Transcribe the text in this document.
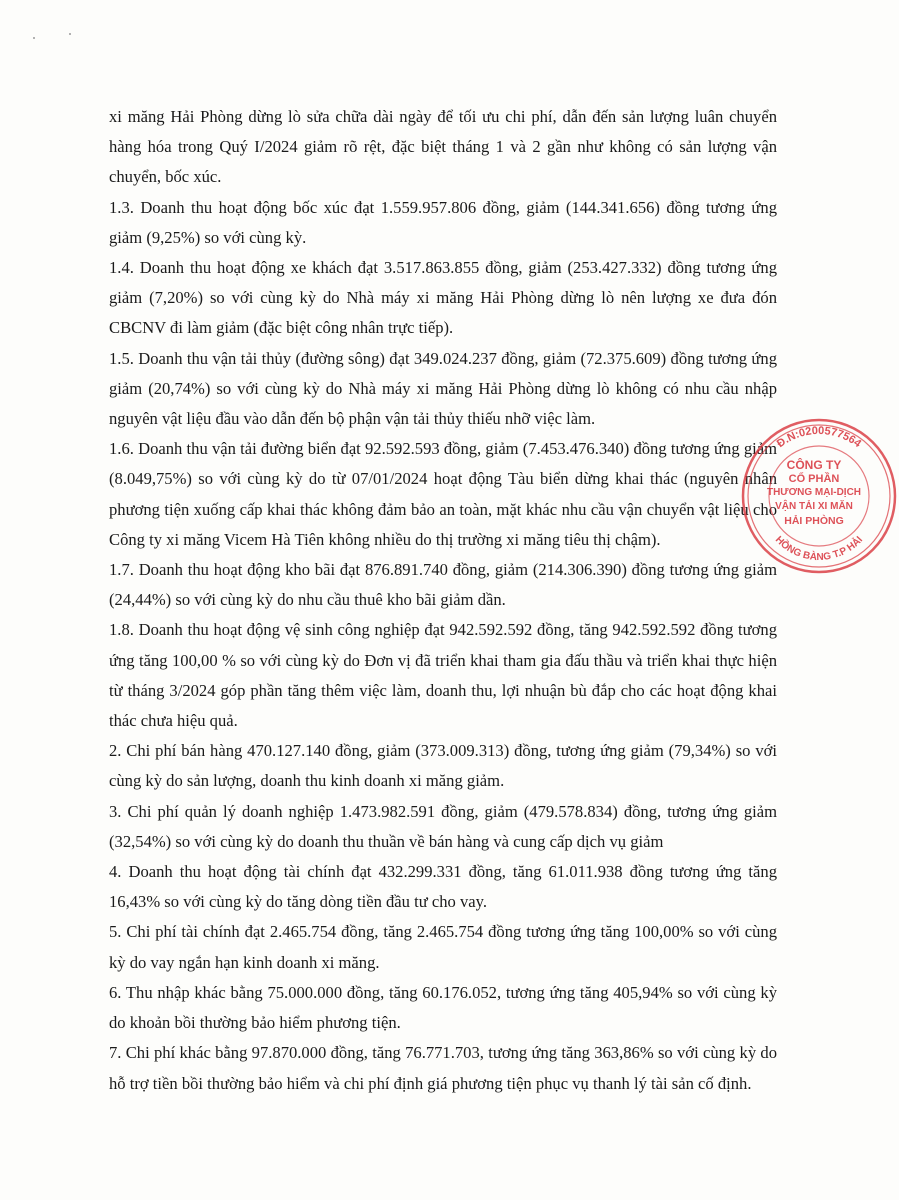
xi măng Hải Phòng dừng lò sửa chữa dài ngày để tối ưu chi phí, dẫn đến sản lượng luân chuyển hàng hóa trong Quý I/2024 giảm rõ rệt, đặc biệt tháng 1 và 2 gần như không có sản lượng vận chuyển, bốc xúc.

1.3. Doanh thu hoạt động bốc xúc đạt 1.559.957.806 đồng, giảm (144.341.656) đồng tương ứng giảm (9,25%) so với cùng kỳ.

1.4. Doanh thu hoạt động xe khách đạt 3.517.863.855 đồng, giảm (253.427.332) đồng tương ứng giảm (7,20%) so với cùng kỳ do Nhà máy xi măng Hải Phòng dừng lò nên lượng xe đưa đón CBCNV đi làm giảm (đặc biệt công nhân trực tiếp).

1.5. Doanh thu vận tải thủy (đường sông) đạt 349.024.237 đồng, giảm (72.375.609) đồng tương ứng giảm (20,74%) so với cùng kỳ do Nhà máy xi măng Hải Phòng dừng lò không có nhu cầu nhập nguyên vật liệu đầu vào dẫn đến bộ phận vận tải thủy thiếu nhỡ việc làm.

1.6. Doanh thu vận tải đường biển đạt 92.592.593 đồng, giảm (7.453.476.340) đồng tương ứng giảm (8.049,75%) so với cùng kỳ do từ 07/01/2024 hoạt động Tàu biển dừng khai thác (nguyên nhân phương tiện xuống cấp khai thác không đảm bảo an toàn, mặt khác nhu cầu vận chuyển vật liệu cho Công ty xi măng Vicem Hà Tiên không nhiều do thị trường xi măng tiêu thị chậm).

1.7. Doanh thu hoạt động kho bãi đạt 876.891.740 đồng, giảm (214.306.390) đồng tương ứng giảm (24,44%) so với cùng kỳ do nhu cầu thuê kho bãi giảm dần.

1.8. Doanh thu hoạt động vệ sinh công nghiệp đạt 942.592.592 đồng, tăng 942.592.592 đồng tương ứng tăng 100,00 % so với cùng kỳ do Đơn vị đã triển khai tham gia đấu thầu và triển khai thực hiện từ tháng 3/2024 góp phần tăng thêm việc làm, doanh thu, lợi nhuận bù đắp cho các hoạt động khai thác chưa hiệu quả.

2. Chi phí bán hàng 470.127.140 đồng, giảm (373.009.313) đồng, tương ứng giảm (79,34%) so với cùng kỳ do sản lượng, doanh thu kinh doanh xi măng giảm.

3. Chi phí quản lý doanh nghiệp 1.473.982.591 đồng, giảm (479.578.834) đồng, tương ứng giảm (32,54%) so với cùng kỳ do doanh thu thuần về bán hàng và cung cấp dịch vụ giảm

4. Doanh thu hoạt động tài chính đạt 432.299.331 đồng, tăng 61.011.938 đồng tương ứng tăng 16,43% so với cùng kỳ do tăng dòng tiền đầu tư cho vay.

5. Chi phí tài chính đạt 2.465.754 đồng, tăng 2.465.754 đồng tương ứng tăng 100,00% so với cùng kỳ do vay ngắn hạn kinh doanh xi măng.

6. Thu nhập khác bằng 75.000.000 đồng, tăng 60.176.052, tương ứng tăng 405,94% so với cùng kỳ do khoản bồi thường bảo hiểm phương tiện.

7. Chi phí khác bằng 97.870.000 đồng, tăng 76.771.703, tương ứng tăng 363,86% so với cùng kỳ do hỗ trợ tiền bồi thường bảo hiểm và chi phí định giá phương tiện phục vụ thanh lý tài sản cố định.

Đ.N:0200577564
HỒNG BÀNG T.P HẢI
CÔNG TY
CỔ PHẦN
THƯƠNG MẠI-DỊCH
VẬN TẢI XI MĂN
HẢI PHÒNG
